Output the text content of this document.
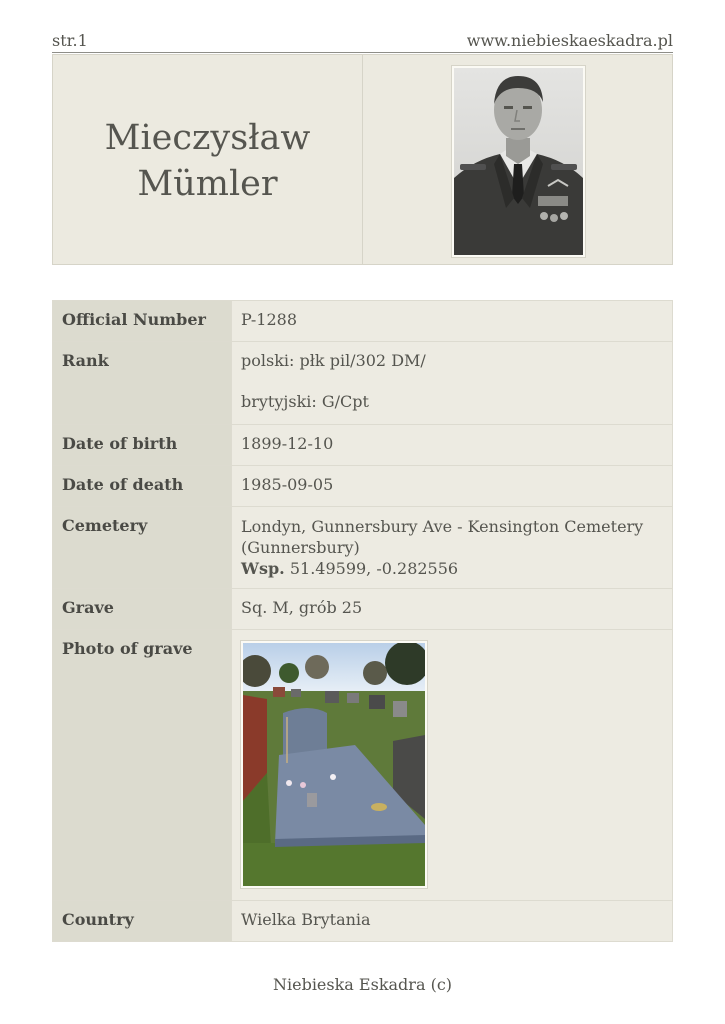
str.1	www.niebieskaeskadra.pl
Mieczysław
Mümler
Official Number	P-1288
Rank	polski: płk pil/302 DM/
brytyjski: G/Cpt

Date of birth	1899-12-10
Date of death	1985-09-05
Cemetery	Londyn, Gunnersbury Ave - Kensington Cemetery
(Gunnersbury)
Wsp. 51.49599, -0.282556

Grave	Sq. M, grób 25
Photo of grave	

Country	Wielka Brytania
Niebieska Eskadra (c)
